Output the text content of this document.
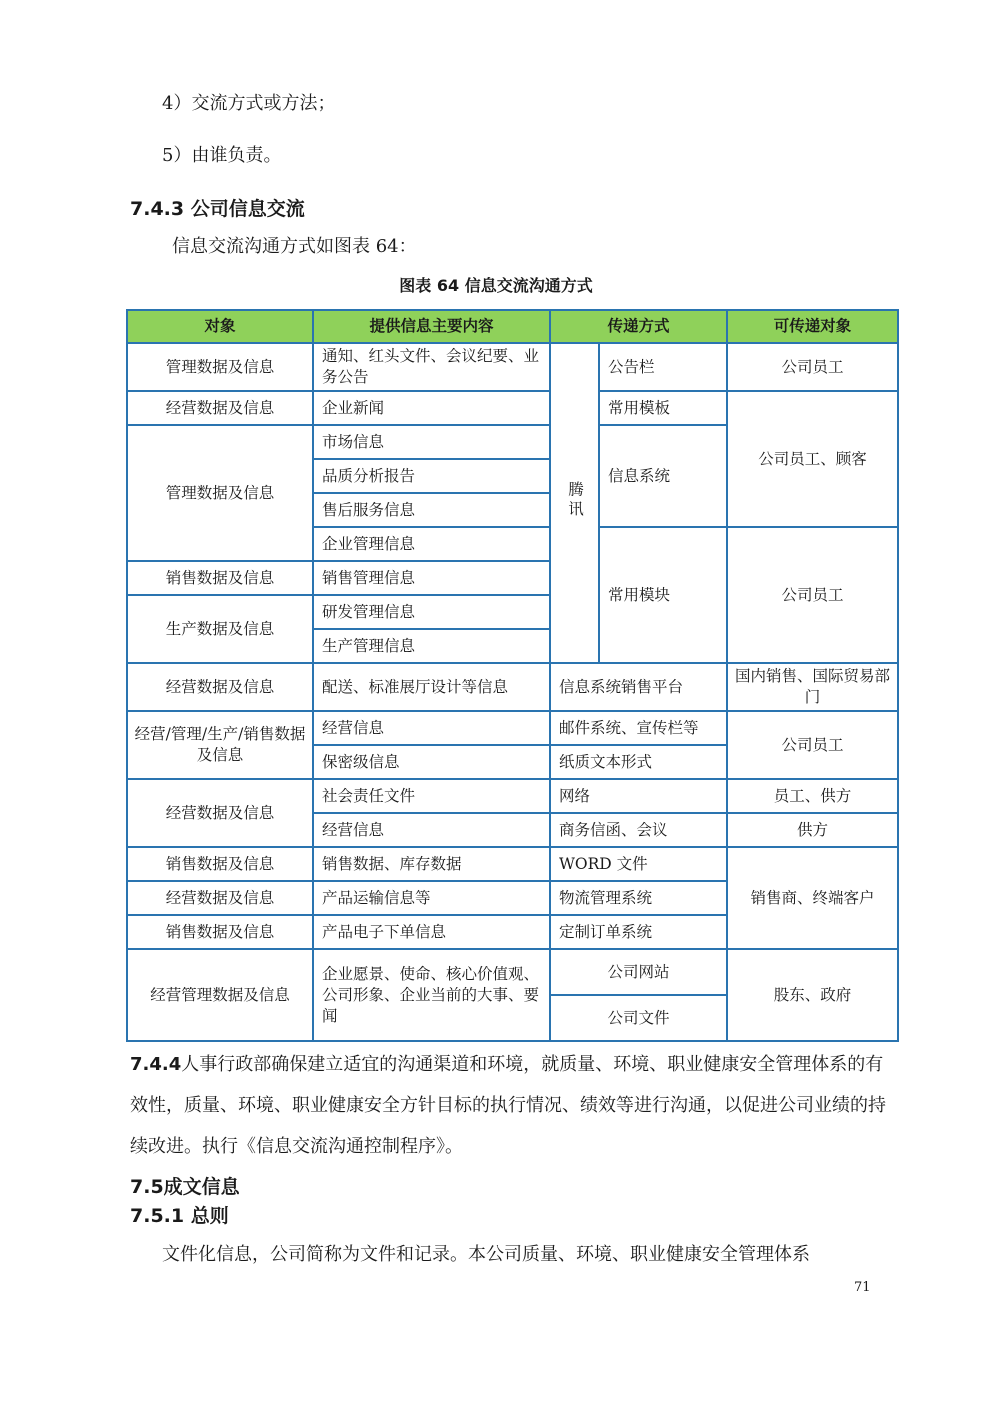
4）交流方式或方法；
5）由谁负责。
7.4.3 公司信息交流
信息交流沟通方式如图表 64：
图表 64 信息交流沟通方式
对象	提供信息主要内容	传递方式		可传递对象
管理数据及信息	通知、红头文件、会议纪要、业务公告	腾讯	公告栏	公司员工
经营数据及信息	企业新闻		常用模板	公司员工、顾客
管理数据及信息	市场信息		信息系统	
	品质分析报告			
	售后服务信息			
	企业管理信息		常用模块	公司员工
销售数据及信息	销售管理信息			
生产数据及信息	研发管理信息			
	生产管理信息			
经营数据及信息	配送、标准展厅设计等信息	信息系统销售平台		国内销售、国际贸易部门
经营/管理/生产/销售数据及信息	经营信息	邮件系统、宣传栏等		公司员工
	保密级信息	纸质文本形式		
经营数据及信息	社会责任文件	网络		员工、供方
	经营信息	商务信函、会议		供方
销售数据及信息	销售数据、库存数据	WORD 文件		销售商、终端客户
经营数据及信息	产品运输信息等	物流管理系统		
销售数据及信息	产品电子下单信息	定制订单系统		
经营管理数据及信息	企业愿景、使命、核心价值观、公司形象、企业当前的大事、要闻	公司网站		股东、政府
		公司文件		
7.4.4人事行政部确保建立适宜的沟通渠道和环境，就质量、环境、职业健康安全管理体系的有效性，质量、环境、职业健康安全方针目标的执行情况、绩效等进行沟通，以促进公司业绩的持续改进。执行《信息交流沟通控制程序》。
7.5成文信息
7.5.1 总则
文件化信息，公司简称为文件和记录。本公司质量、环境、职业健康安全管理体系
71
